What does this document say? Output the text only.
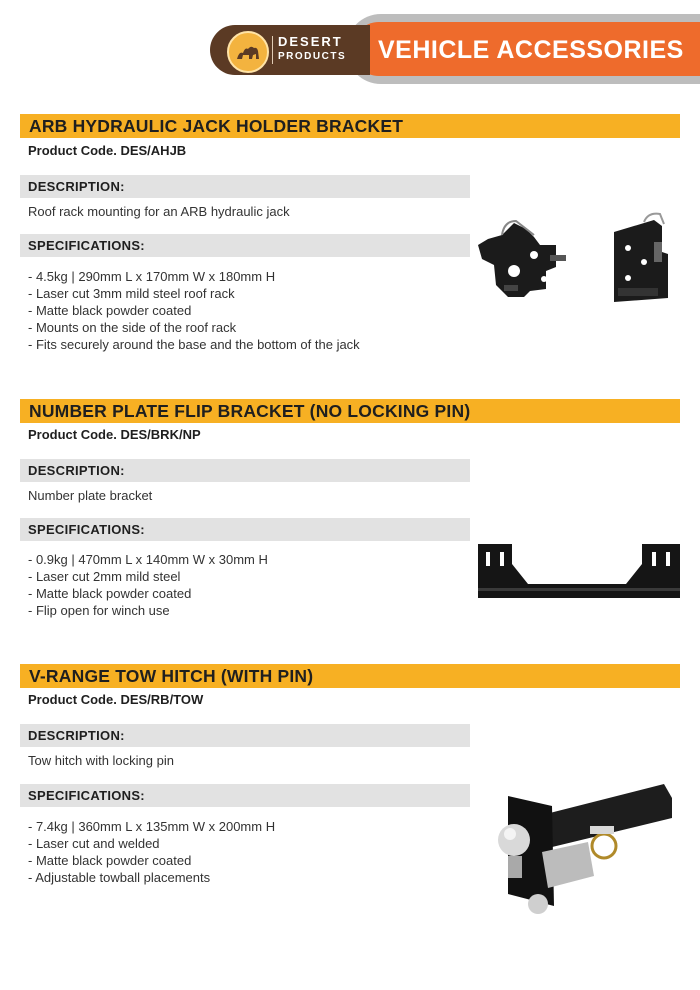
VEHICLE ACCESSORIES
DESERT
PRODUCTS
ARB HYDRAULIC JACK HOLDER BRACKET
Product Code. DES/AHJB
DESCRIPTION:
Roof rack mounting for an ARB hydraulic jack
SPECIFICATIONS:
- 4.5kg | 290mm L x 170mm W x 180mm H
- Laser cut 3mm mild steel roof rack
- Matte black powder coated
- Mounts on the side of the roof rack
- Fits securely around the base and the bottom of the jack
NUMBER PLATE FLIP BRACKET (NO LOCKING PIN)
Product Code. DES/BRK/NP
DESCRIPTION:
Number plate bracket
SPECIFICATIONS:
- 0.9kg | 470mm L x 140mm W x 30mm H
- Laser cut 2mm mild steel
- Matte black powder coated
- Flip open for winch use
V-RANGE TOW HITCH (WITH PIN)
Product Code. DES/RB/TOW
DESCRIPTION:
Tow hitch with locking pin
SPECIFICATIONS:
- 7.4kg | 360mm L x 135mm W x 200mm H
- Laser cut and welded
- Matte black powder coated
- Adjustable towball placements
